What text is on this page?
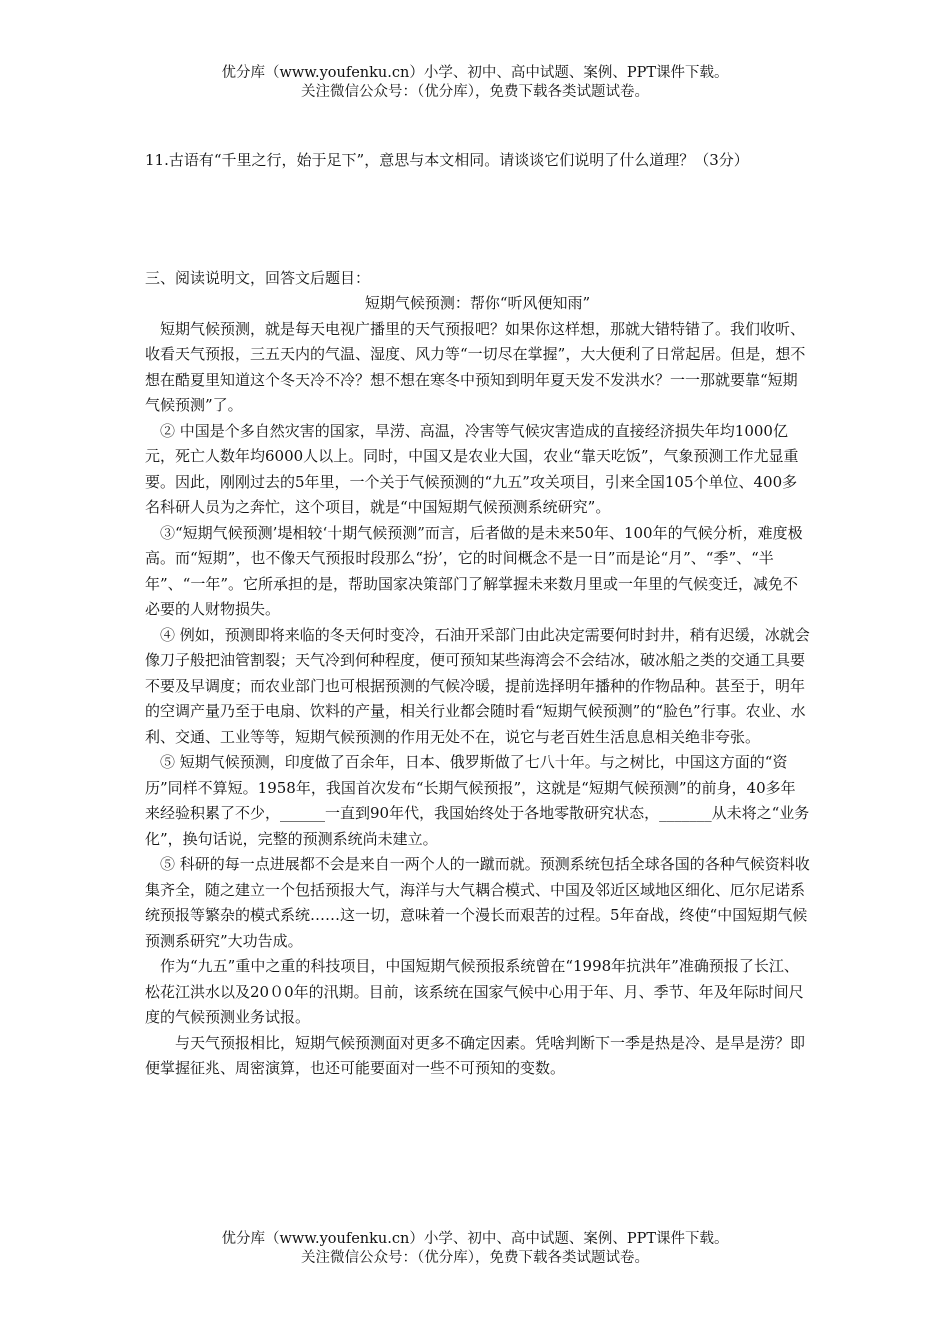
优分库（www.youfenku.cn）小学、初中、高中试题、案例、PPT课件下载。
关注微信公众号：（优分库），免费下载各类试题试卷。

11.古语有“千里之行，始于足下”，意思与本文相同。请谈谈它们说明了什么道理？（3分）

三、阅读说明文，回答文后题目：

短期气候预测：帮你“听风便知雨”

短期气候预测，就是每天电视广播里的天气预报吧？如果你这样想，那就大错特错了。我们收听、收看天气预报，三五天内的气温、湿度、风力等“一切尽在掌握”，大大便利了日常起居。但是，想不想在酷夏里知道这个冬天冷不冷？想不想在寒冬中预知到明年夏天发不发洪水？一一那就要靠“短期气候预测”了。

② 中国是个多自然灾害的国家，旱涝、高温，冷害等气候灾害造成的直接经济损失年均1000亿元，死亡人数年均6000人以上。同时，中国又是农业大国，农业“靠天吃饭”，气象预测工作尤显重要。因此，刚刚过去的5年里，一个关于气候预测的“九五”攻关项目，引来全国105个单位、400多名科研人员为之奔忙，这个项目，就是“中国短期气候预测系统研究”。

③“短期气候预测’堤相较‘十期气候预测”而言，后者做的是未来50年、100年的气候分析，难度极高。而“短期”，也不像天气预报时段那么“扮’，它的时间概念不是一日”而是论“月”、“季”、“半年”、“一年”。它所承担的是，帮助国家决策部门了解掌握未来数月里或一年里的气候变迁，减免不必要的人财物损失。

④ 例如，预测即将来临的冬天何时变冷，石油开采部门由此决定需要何时封井，稍有迟缓，冰就会像刀子般把油管割裂；天气冷到何种程度，便可预知某些海湾会不会结冰，破冰船之类的交通工具要不要及早调度；而农业部门也可根据预测的气候冷暖，提前选择明年播种的作物品种。甚至于，明年的空调产量乃至于电扇、饮料的产量，相关行业都会随时看“短期气候预测”的“脸色”行事。农业、水利、交通、工业等等，短期气候预测的作用无处不在，说它与老百姓生活息息相关绝非夸张。

⑤ 短期气候预测，印度做了百余年，日本、俄罗斯做了七八十年。与之树比，中国这方面的“资历”同样不算短。1958年，我国首次发布“长期气候预报”，这就是“短期气候预测”的前身，40多年来经验积累了不少，______一直到90年代，我国始终处于各地零散研究状态，_______从未将之“业务化”，换句话说，完整的预测系统尚未建立。

⑤ 科研的每一点进展都不会是来自一两个人的一蹴而就。预测系统包括全球各国的各种气候资料收集齐全，随之建立一个包括预报大气，海洋与大气耦合模式、中国及邻近区域地区细化、厄尔尼诺系统预报等繁杂的模式系统……这一切，意味着一个漫长而艰苦的过程。5年奋战，终使“中国短期气候预测系研究”大功告成。

作为“九五”重中之重的科技项目，中国短期气候预报系统曾在“1998年抗洪年”准确预报了长江、松花江洪水以及20０0年的汛期。目前，该系统在国家气候中心用于年、月、季节、年及年际时间尺度的气候预测业务试报。

与天气预报相比，短期气候预测面对更多不确定因素。凭啥判断下一季是热是冷、是旱是涝？即便掌握征兆、周密演算，也还可能要面对一些不可预知的变数。

优分库（www.youfenku.cn）小学、初中、高中试题、案例、PPT课件下载。
关注微信公众号：（优分库），免费下载各类试题试卷。
